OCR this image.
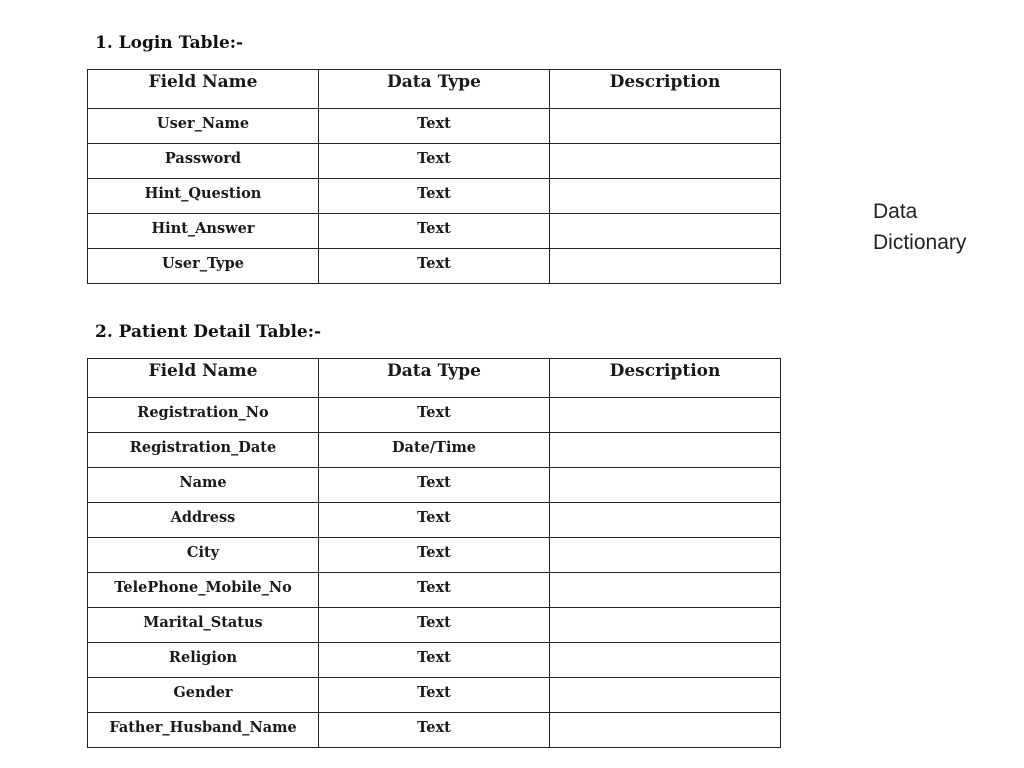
1. Login Table:-
Field Name	Data Type	Description
User_Name	Text	
Password	Text	
Hint_Question	Text	
Hint_Answer	Text	
User_Type	Text	
2. Patient Detail Table:-
Field Name	Data Type	Description
Registration_No	Text	
Registration_Date	Date/Time	
Name	Text	
Address	Text	
City	Text	
TelePhone_Mobile_No	Text	
Marital_Status	Text	
Religion	Text	
Gender	Text	
Father_Husband_Name	Text	
Data
Dictionary
